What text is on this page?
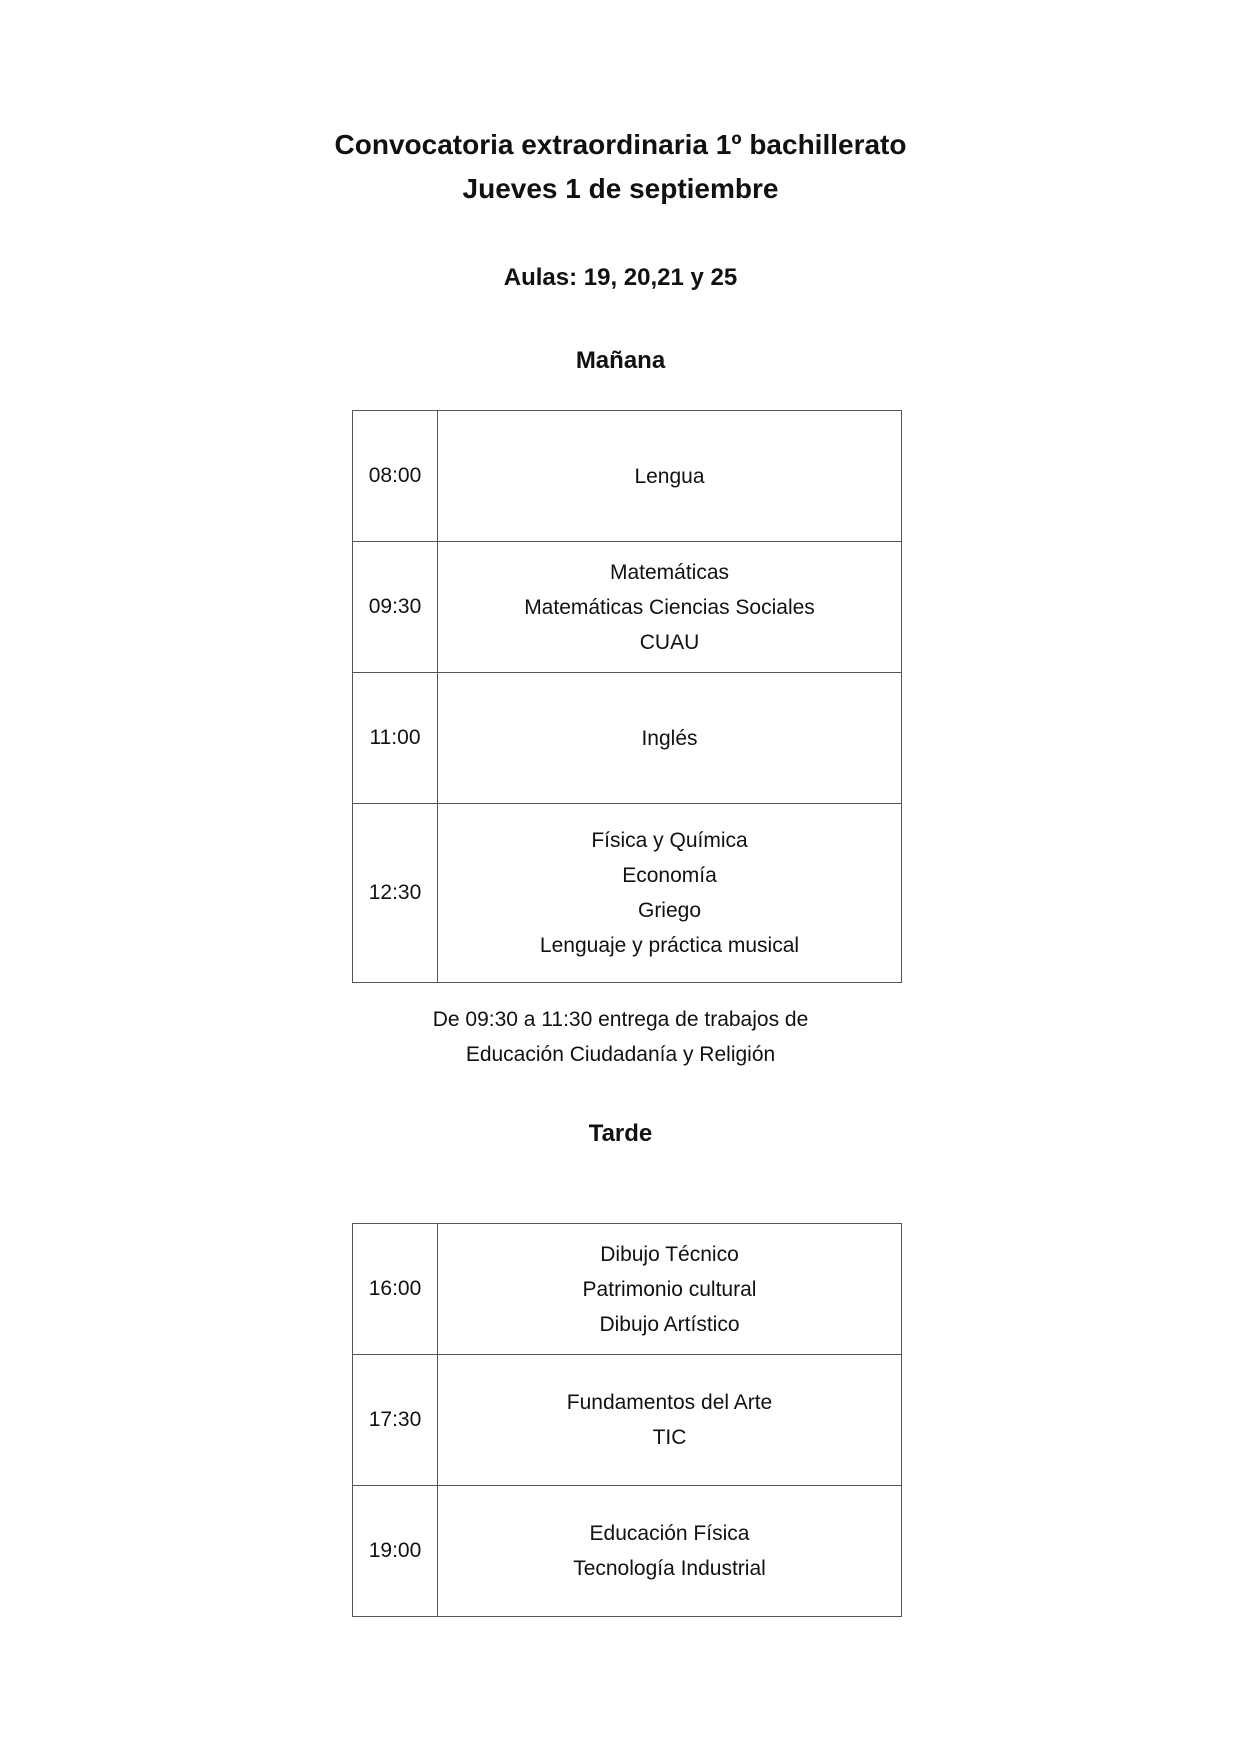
Convocatoria extraordinaria 1º bachillerato
Jueves 1 de septiembre
Aulas: 19, 20,21 y 25
Mañana
08:00	Lengua

09:30	Matemáticas
Matemáticas Ciencias Sociales
CUAU

11:00	Inglés

12:30	Física y Química
Economía
Griego
Lenguaje y práctica musical
De 09:30 a 11:30 entrega de trabajos de
Educación Ciudadanía y Religión
Tarde
16:00	Dibujo Técnico
Patrimonio cultural
Dibujo Artístico

17:30	Fundamentos del Arte
TIC

19:00	Educación Física
Tecnología Industrial
